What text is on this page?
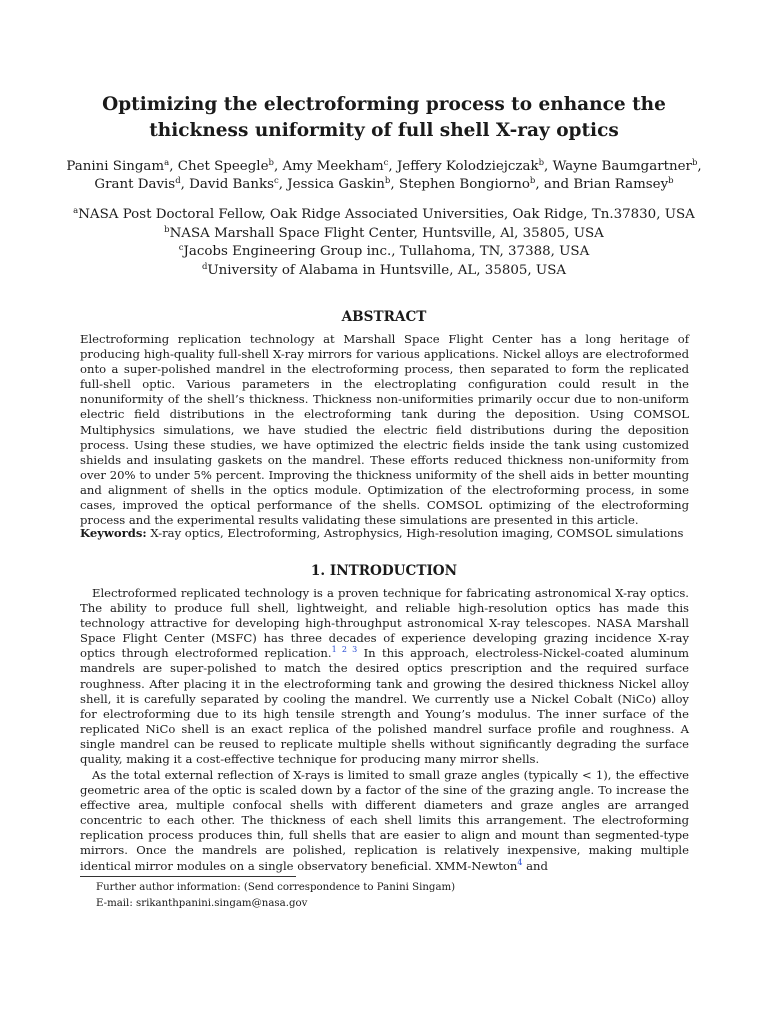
Optimizing the electroforming process to enhance the
thickness uniformity of full shell X-ray optics
Panini Singam$^a$, Chet Speegle$^b$, Amy Meekham$^c$, Jeffery Kolodziejczak$^b$, Wayne Baumgartner$^b$,
Grant Davis$^d$, David Banks$^c$, Jessica Gaskin$^b$, Stephen Bongiorno$^b$, and Brian Ramsey$^b$
$^a$NASA Post Doctoral Fellow, Oak Ridge Associated Universities, Oak Ridge, Tn.37830, USA
$^b$NASA Marshall Space Flight Center, Huntsville, Al, 35805, USA
$^c$Jacobs Engineering Group inc., Tullahoma, TN, 37388, USA
$^d$University of Alabama in Huntsville, AL, 35805, USA
ABSTRACT

Electroforming replication technology at Marshall Space Flight Center has a long heritage of producing high-quality full-shell X-ray mirrors for various applications. Nickel alloys are electroformed onto a super-polished mandrel in the electroforming process, then separated to form the replicated full-shell optic. Various parameters in the electroplating configuration could result in the nonuniformity of the shell’s thickness. Thickness non-uniformities primarily occur due to non-uniform electric field distributions in the electroforming tank during the deposition. Using COMSOL Multiphysics simulations, we have studied the electric field distributions during the deposition process. Using these studies, we have optimized the electric fields inside the tank using customized shields and insulating gaskets on the mandrel. These efforts reduced thickness non-uniformity from over 20% to under 5% percent. Improving the thickness uniformity of the shell aids in better mounting and alignment of shells in the optics module. Optimization of the electroforming process, in some cases, improved the optical performance of the shells. COMSOL optimizing of the electroforming process and the experimental results validating these simulations are presented in this article.

Keywords: X-ray optics, Electroforming, Astrophysics, High-resolution imaging, COMSOL simulations
1. INTRODUCTION

Electroformed replicated technology is a proven technique for fabricating astronomical X-ray optics. The ability to produce full shell, lightweight, and reliable high-resolution optics has made this technology attractive for developing high-throughput astronomical X-ray telescopes. NASA Marshall Space Flight Center (MSFC) has three decades of experience developing grazing incidence X-ray optics through electroformed replication.$^{1 2 3}$ In this approach, electroless-Nickel-coated aluminum mandrels are super-polished to match the desired optics prescription and the required surface roughness. After placing it in the electroforming tank and growing the desired thickness Nickel alloy shell, it is carefully separated by cooling the mandrel. We currently use a Nickel Cobalt (NiCo) alloy for electroforming due to its high tensile strength and Young’s modulus. The inner surface of the replicated NiCo shell is an exact replica of the polished mandrel surface profile and roughness. A single mandrel can be reused to replicate multiple shells without significantly degrading the surface quality, making it a cost-effective technique for producing many mirror shells.

As the total external reflection of X-rays is limited to small graze angles (typically < 1), the effective geometric area of the optic is scaled down by a factor of the sine of the grazing angle. To increase the effective area, multiple confocal shells with different diameters and graze angles are arranged concentric to each other. The thickness of each shell limits this arrangement. The electroforming replication process produces thin, full shells that are easier to align and mount than segmented-type mirrors. Once the mandrels are polished, replication is relatively inexpensive, making multiple identical mirror modules on a single observatory beneficial. XMM-Newton$^4$ and

Further author information: (Send correspondence to Panini Singam)
E-mail: srikanthpanini.singam@nasa.gov
